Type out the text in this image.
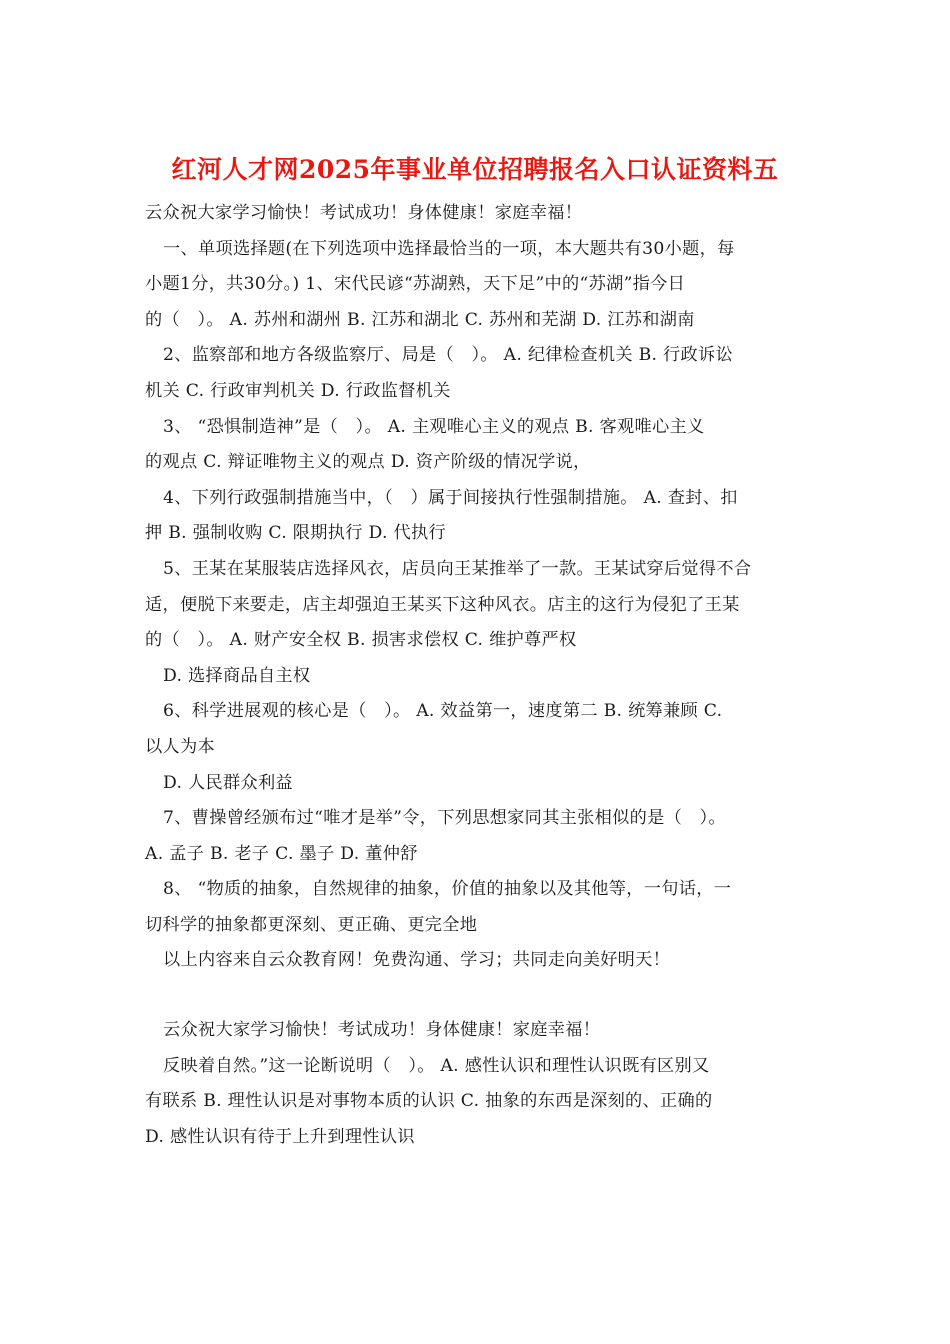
红河人才网2025年事业单位招聘报名入口认证资料五
云众祝大家学习愉快！考试成功！身体健康！家庭幸福！
一、单项选择题(在下列选项中选择最恰当的一项，本大题共有30小题，每
小题1分，共30分。) 1、宋代民谚“苏湖熟，天下足”中的“苏湖”指今日
的（　）。 A. 苏州和湖州 B. 江苏和湖北 C. 苏州和芜湖 D. 江苏和湖南
2、监察部和地方各级监察厅、局是（　）。 A. 纪律检查机关 B. 行政诉讼
机关 C. 行政审判机关 D. 行政监督机关
3、 “恐惧制造神”是（　）。 A. 主观唯心主义的观点 B. 客观唯心主义
的观点 C. 辩证唯物主义的观点 D. 资产阶级的情况学说，
4、下列行政强制措施当中，（　）属于间接执行性强制措施。 A. 查封、扣
押 B. 强制收购 C. 限期执行 D. 代执行
5、王某在某服装店选择风衣，店员向王某推举了一款。王某试穿后觉得不合
适，便脱下来要走，店主却强迫王某买下这种风衣。店主的这行为侵犯了王某
的（　）。 A. 财产安全权 B. 损害求偿权 C. 维护尊严权
D. 选择商品自主权
6、科学进展观的核心是（　）。 A. 效益第一，速度第二 B. 统筹兼顾 C.
以人为本
D. 人民群众利益
7、曹操曾经颁布过“唯才是举”令，下列思想家同其主张相似的是（　）。
A. 孟子 B. 老子 C. 墨子 D. 董仲舒
8、 “物质的抽象，自然规律的抽象，价值的抽象以及其他等，一句话，一
切科学的抽象都更深刻、更正确、更完全地
以上内容来自云众教育网！免费沟通、学习；共同走向美好明天！
云众祝大家学习愉快！考试成功！身体健康！家庭幸福！
反映着自然。”这一论断说明（　）。 A. 感性认识和理性认识既有区别又
有联系 B. 理性认识是对事物本质的认识 C. 抽象的东西是深刻的、正确的
D. 感性认识有待于上升到理性认识
